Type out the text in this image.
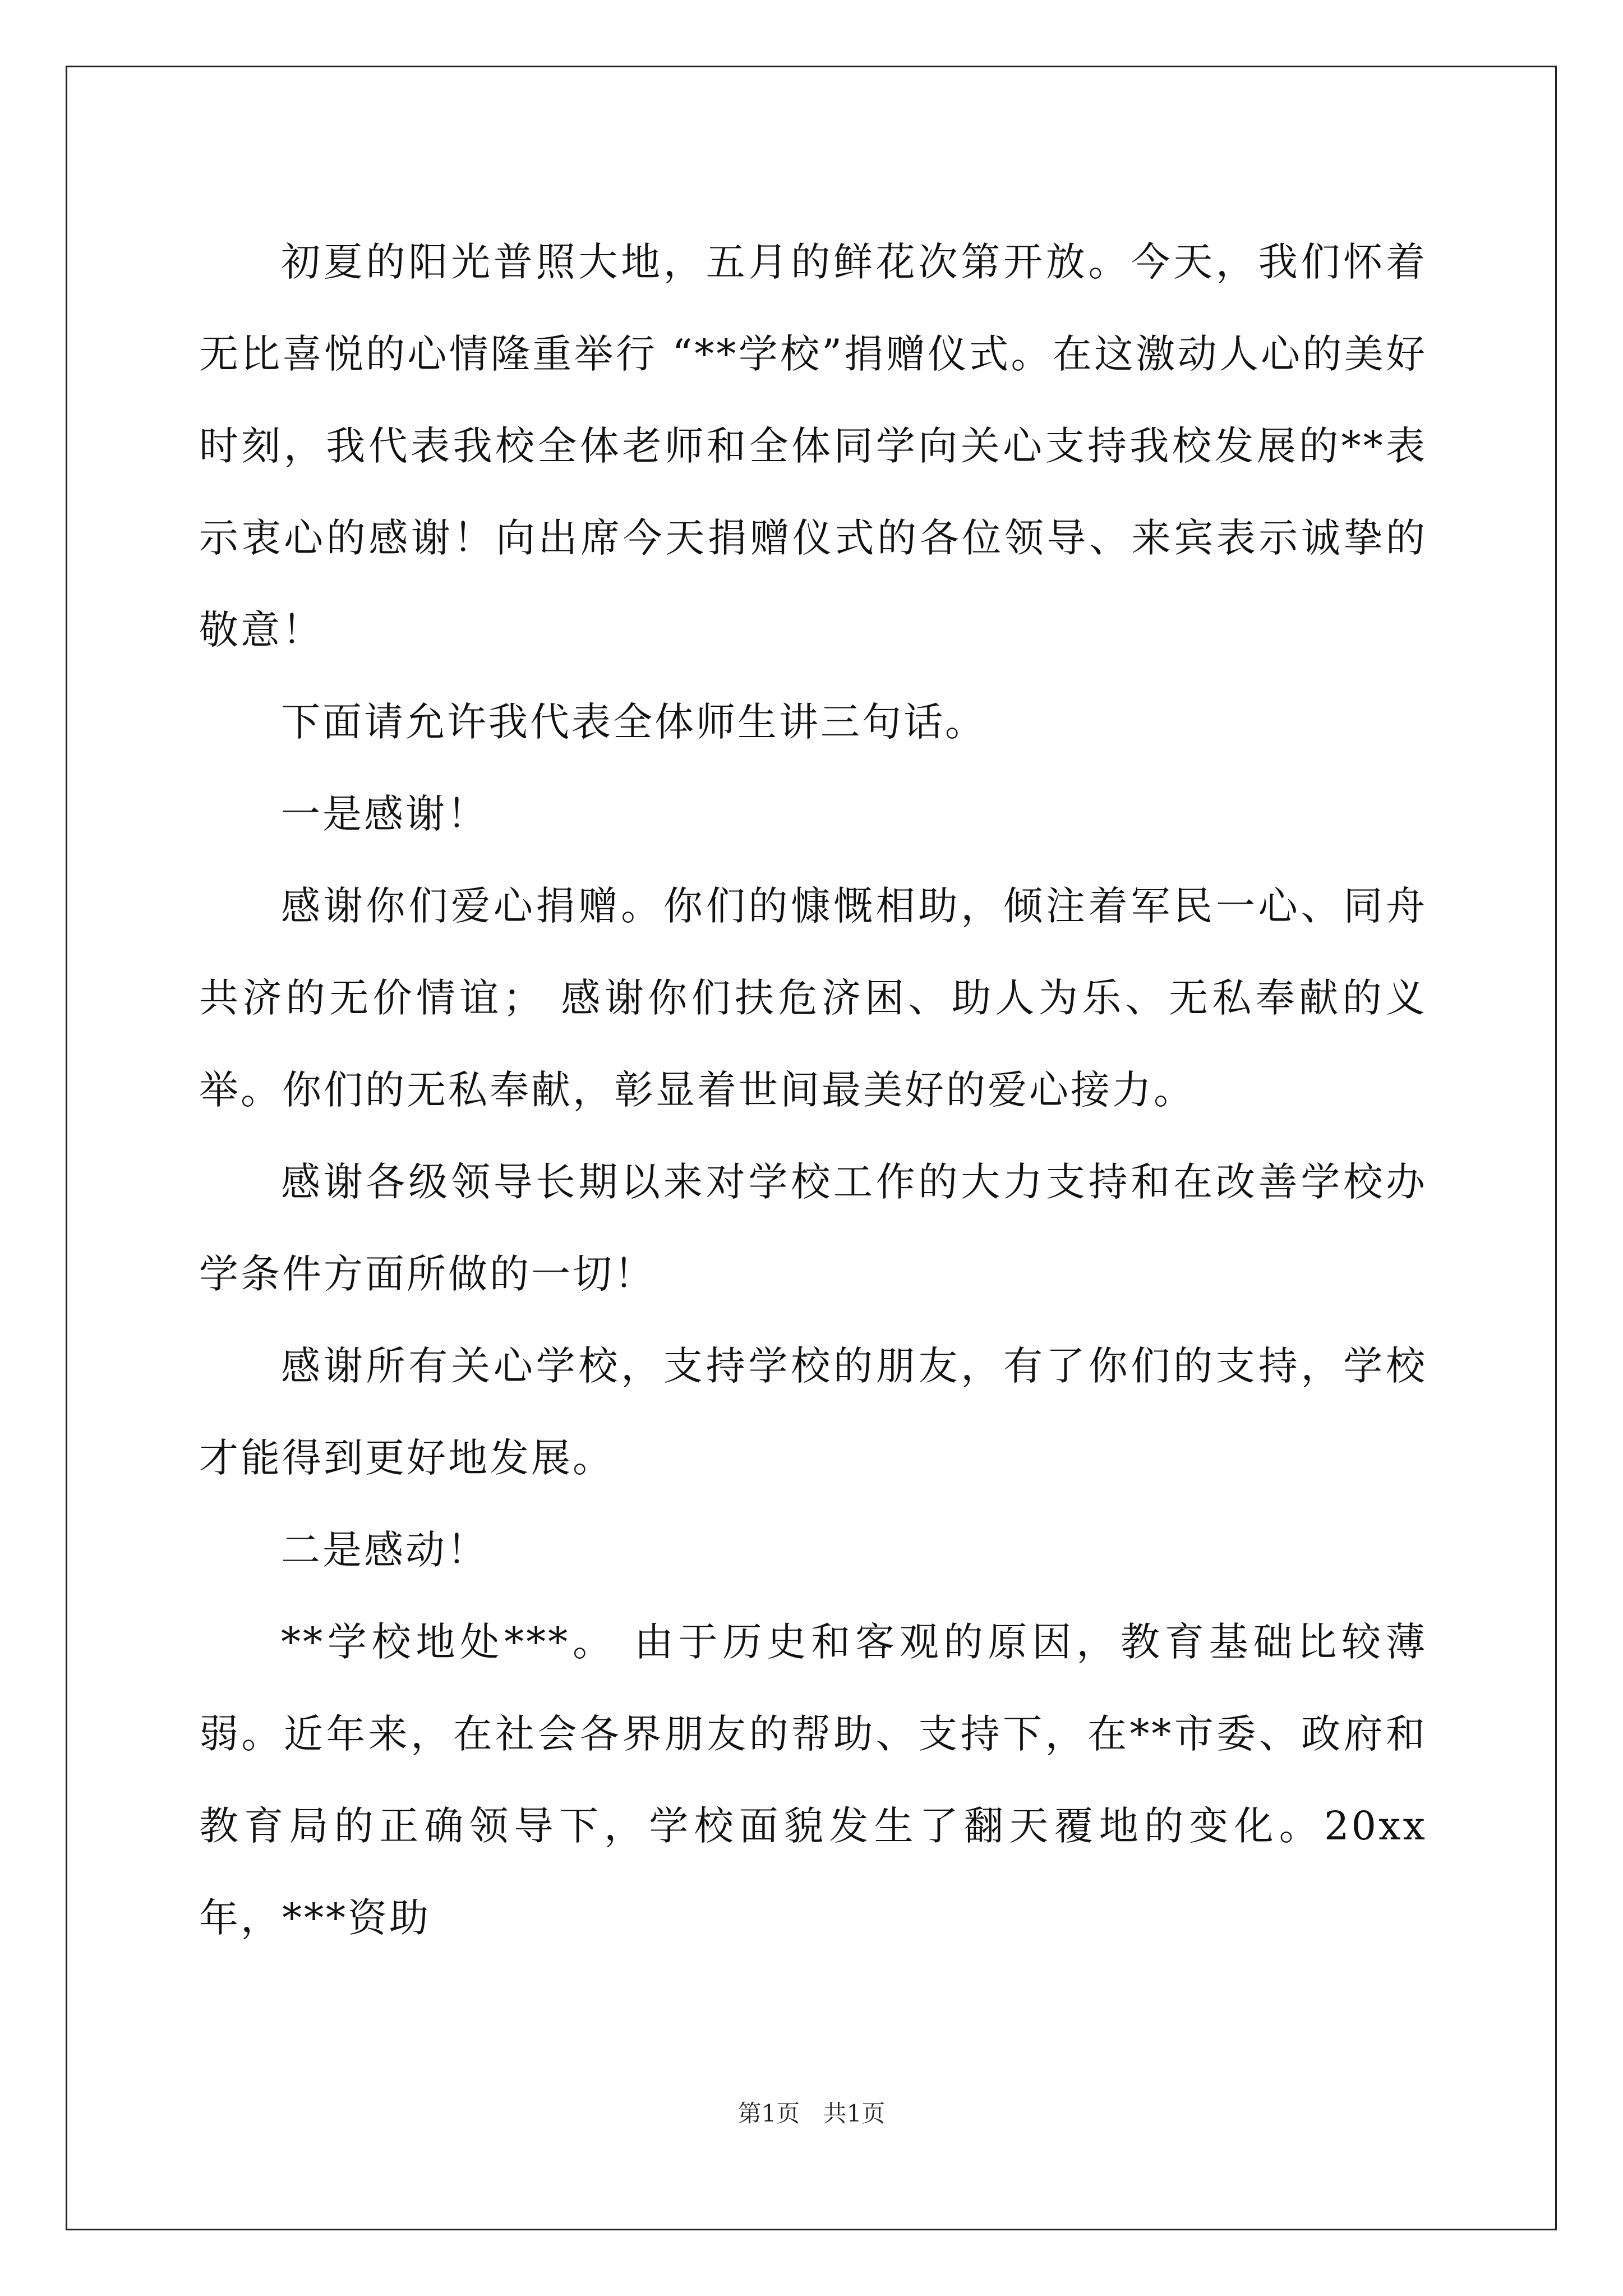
初夏的阳光普照大地，五月的鲜花次第开放。今天，我们怀着无比喜悦的心情隆重举行 “**学校”捐赠仪式。在这激动人心的美好时刻，我代表我校全体老师和全体同学向关心支持我校发展的**表示衷心的感谢！向出席今天捐赠仪式的各位领导、来宾表示诚挚的敬意！

下面请允许我代表全体师生讲三句话。

一是感谢！

感谢你们爱心捐赠。你们的慷慨相助，倾注着军民一心、同舟共济的无价情谊； 感谢你们扶危济困、助人为乐、无私奉献的义举。你们的无私奉献，彰显着世间最美好的爱心接力。

感谢各级领导长期以来对学校工作的大力支持和在改善学校办学条件方面所做的一切！

感谢所有关心学校，支持学校的朋友，有了你们的支持，学校才能得到更好地发展。

二是感动！

**学校地处***。 由于历史和客观的原因，教育基础比较薄弱。近年来，在社会各界朋友的帮助、支持下，在**市委、政府和教育局的正确领导下，学校面貌发生了翻天覆地的变化。20xx 年，***资助

第1页 共1页
